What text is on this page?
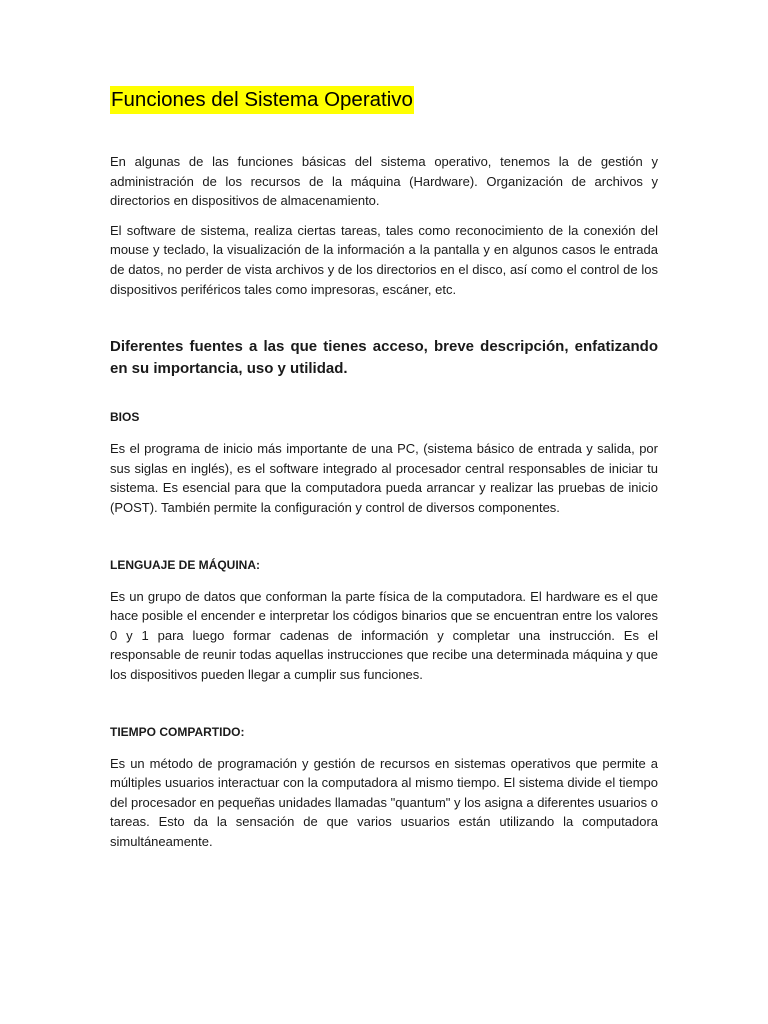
Funciones del Sistema Operativo

En algunas de las funciones básicas del sistema operativo, tenemos la de gestión y administración de los recursos de la máquina (Hardware). Organización de archivos y directorios en dispositivos de almacenamiento.

El software de sistema, realiza ciertas tareas, tales como reconocimiento de la conexión del mouse y teclado, la visualización de la información a la pantalla y en algunos casos le entrada de datos, no perder de vista archivos y de los directorios en el disco, así como el control de los dispositivos periféricos tales como impresoras, escáner, etc.

Diferentes fuentes a las que tienes acceso, breve descripción, enfatizando en su importancia, uso y utilidad.

BIOS

Es el programa de inicio más importante de una PC, (sistema básico de entrada y salida, por sus siglas en inglés), es el software integrado al procesador central responsables de iniciar tu sistema. Es esencial para que la computadora pueda arrancar y realizar las pruebas de inicio (POST). También permite la configuración y control de diversos componentes.

LENGUAJE DE MÁQUINA:

Es un grupo de datos que conforman la parte física de la computadora. El hardware es el que hace posible el encender e interpretar los códigos binarios que se encuentran entre los valores 0 y 1 para luego formar cadenas de información y completar una instrucción. Es el responsable de reunir todas aquellas instrucciones que recibe una determinada máquina y que los dispositivos pueden llegar a cumplir sus funciones.

TIEMPO COMPARTIDO:

Es un método de programación y gestión de recursos en sistemas operativos que permite a múltiples usuarios interactuar con la computadora al mismo tiempo. El sistema divide el tiempo del procesador en pequeñas unidades llamadas "quantum" y los asigna a diferentes usuarios o tareas. Esto da la sensación de que varios usuarios están utilizando la computadora simultáneamente.
